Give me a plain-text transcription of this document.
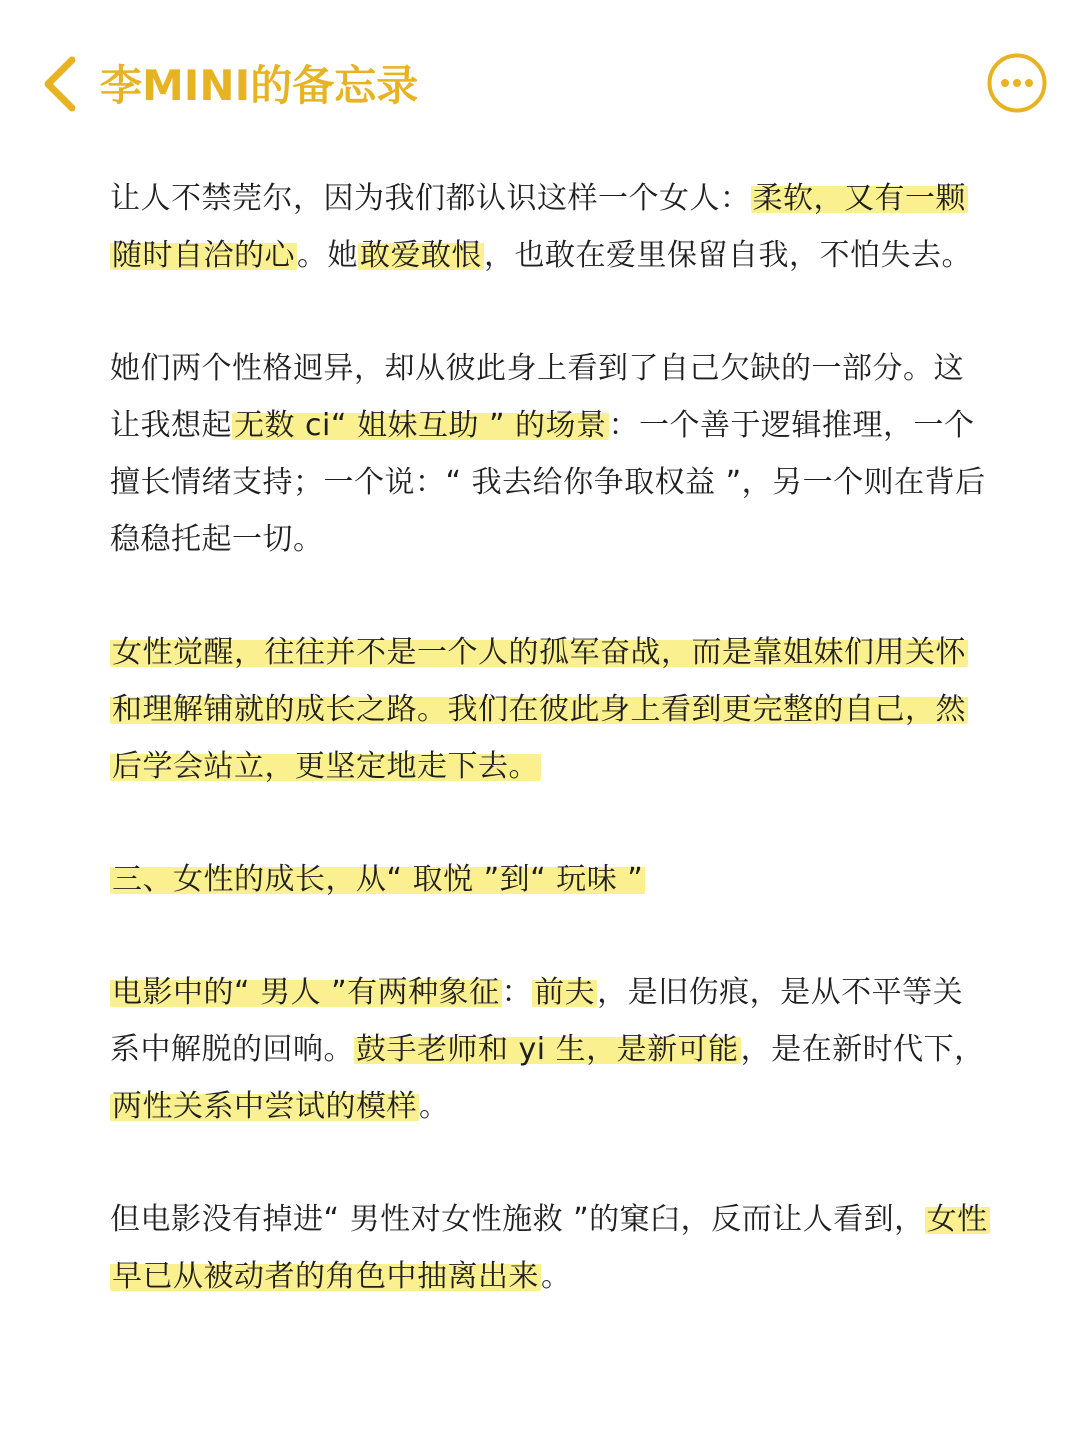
李MINI的备忘录

让人不禁莞尔，因为我们都认识这样一个女人：柔软，又有一颗随时自洽的心。她敢爱敢恨，也敢在爱里保留自我，不怕失去。

她们两个性格迥异，却从彼此身上看到了自己欠缺的一部分。这让我想起无数 ci“ 姐妹互助 ” 的场景：一个善于逻辑推理，一个擅长情绪支持；一个说：“ 我去给你争取权益 ”，另一个则在背后稳稳托起一切。

女性觉醒，往往并不是一个人的孤军奋战，而是靠姐妹们用关怀和理解铺就的成长之路。我们在彼此身上看到更完整的自己，然后学会站立，更坚定地走下去。

三、女性的成长，从“ 取悦 ”到“ 玩味 ”

电影中的“ 男人 ”有两种象征：前夫，是旧伤痕，是从不平等关系中解脱的回响。鼓手老师和 yi 生，是新可能，是在新时代下，两性关系中尝试的模样。

但电影没有掉进“ 男性对女性施救 ”的窠臼，反而让人看到，女性早已从被动者的角色中抽离出来。
